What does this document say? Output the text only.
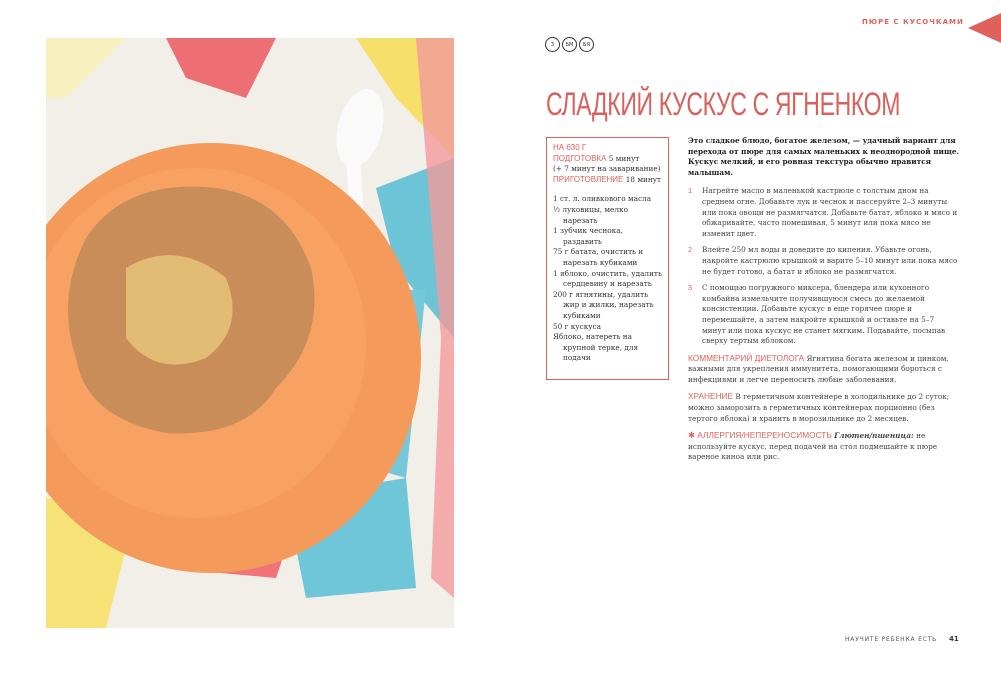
ПЮРЕ С КУСОЧКАМИ
З	БМ	БЯ
СЛАДКИЙ КУСКУС С ЯГНЕНКОМ
НА 630 Г
ПОДГОТОВКА 5 минут
(+ 7 минут на заваривание)
ПРИГОТОВЛЕНИЕ 18 минут
1 ст. л. оливкового масла
½ луковицы, мелко нарезать
1 зубчик чеснока, раздавить
75 г батата, очистить и нарезать кубиками
1 яблоко, очистить, удалить сердцевину и нарезать
200 г ягнятины, удалить жир и жилки, нарезать кубиками
50 г кускуса
Яблоко, натереть на крупной терке, для подачи
Это сладкое блюдо, богатое железом, — удачный вариант для перехода от пюре для самых маленьких к неоднородной пище. Кускус мелкий, и его ровная текстура обычно нравится малышам.
1 Нагрейте масло в маленькой кастрюле с толстым дном на среднем огне. Добавьте лук и чеснок и пассеруйте 2–3 минуты или пока овощи не размягчатся. Добавьте батат, яблоко и мясо и обжаривайте, часто помешивая, 5 минут или пока мясо не изменит цвет.
2 Влейте 250 мл воды и доведите до кипения. Убавьте огонь, накройте кастрюлю крышкой и варите 5–10 минут или пока мясо не будет готово, а батат и яблоко не размягчатся.
3 С помощью погружного миксера, блендера или кухонного комбайна измельчите получившуюся смесь до желаемой консистенции. Добавьте кускус в еще горячее пюре и перемешайте, а затем накройте крышкой и оставьте на 5–7 минут или пока кускус не станет мягким. Подавайте, посыпав сверху тертым яблоком.
КОММЕНТАРИЙ ДИЕТОЛОГА Ягнятина богата железом и цинком, важными для укрепления иммунитета, помогающими бороться с инфекциями и легче переносить любые заболевания.
ХРАНЕНИЕ В герметичном контейнере в холодильнике до 2 суток; можно заморозить в герметичных контейнерах порционно (без тертого яблока) и хранить в морозильнике до 2 месяцев.
✱ АЛЛЕРГИЯ/НЕПЕРЕНОСИМОСТЬ Глютен/пшеница: не используйте кускус, перед подачей на стол подмешайте к пюре вареное киноа или рис.
НАУЧИТЕ РЕБЕНКА ЕСТЬ 41
